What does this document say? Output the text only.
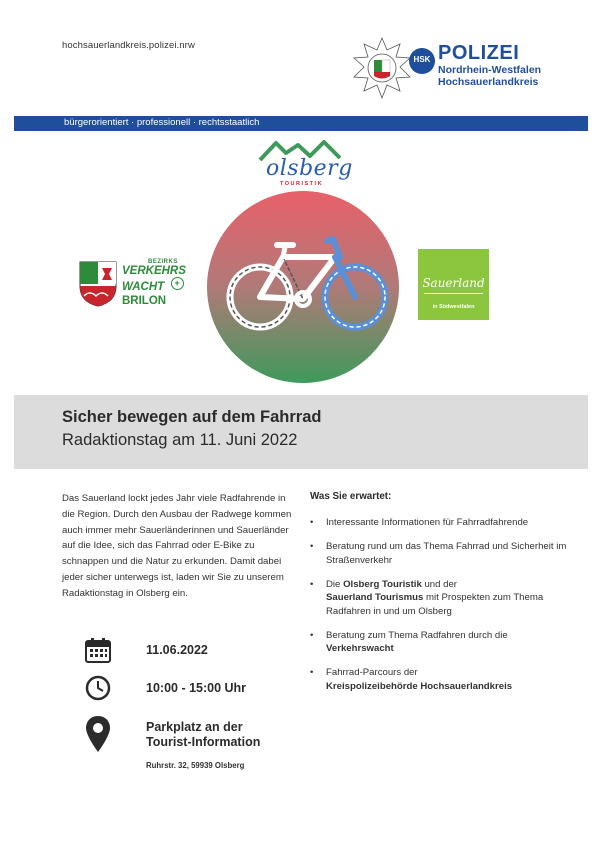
hochsauerlandkreis.polizei.nrw
HSK POLIZEI
Nordrhein-Westfalen
Hochsauerlandkreis
bürgerorientiert · professionell · rechtsstaatlich
olsberg
TOURISTIK
BEZIRKS
VERKEHRS
WACHT +
BRILON
Sauerland
in Südwestfalen
Sicher bewegen auf dem Fahrrad
Radaktionstag am 11. Juni 2022
Das Sauerland lockt jedes Jahr viele Radfahrende in die Region. Durch den Ausbau der Radwege kommen auch immer mehr Sauerländerinnen und Sauerländer auf die Idee, sich das Fahrrad oder E-Bike zu schnappen und die Natur zu erkunden. Damit dabei jeder sicher unterwegs ist, laden wir Sie zu unserem Radaktionstag in Olsberg ein.
Was Sie erwartet:
• Interessante Informationen für Fahrradfahrende
• Beratung rund um das Thema Fahrrad und Sicherheit im Straßenverkehr
• Die Olsberg Touristik und der
Sauerland Tourismus mit Prospekten zum Thema Radfahren in und um Olsberg
• Beratung zum Thema Radfahren durch die Verkehrswacht
• Fahrrad-Parcours der
Kreispolizeibehörde Hochsauerlandkreis
11.06.2022
10:00 - 15:00 Uhr
Parkplatz an der
Tourist-Information
Ruhrstr. 32, 59939 Olsberg
